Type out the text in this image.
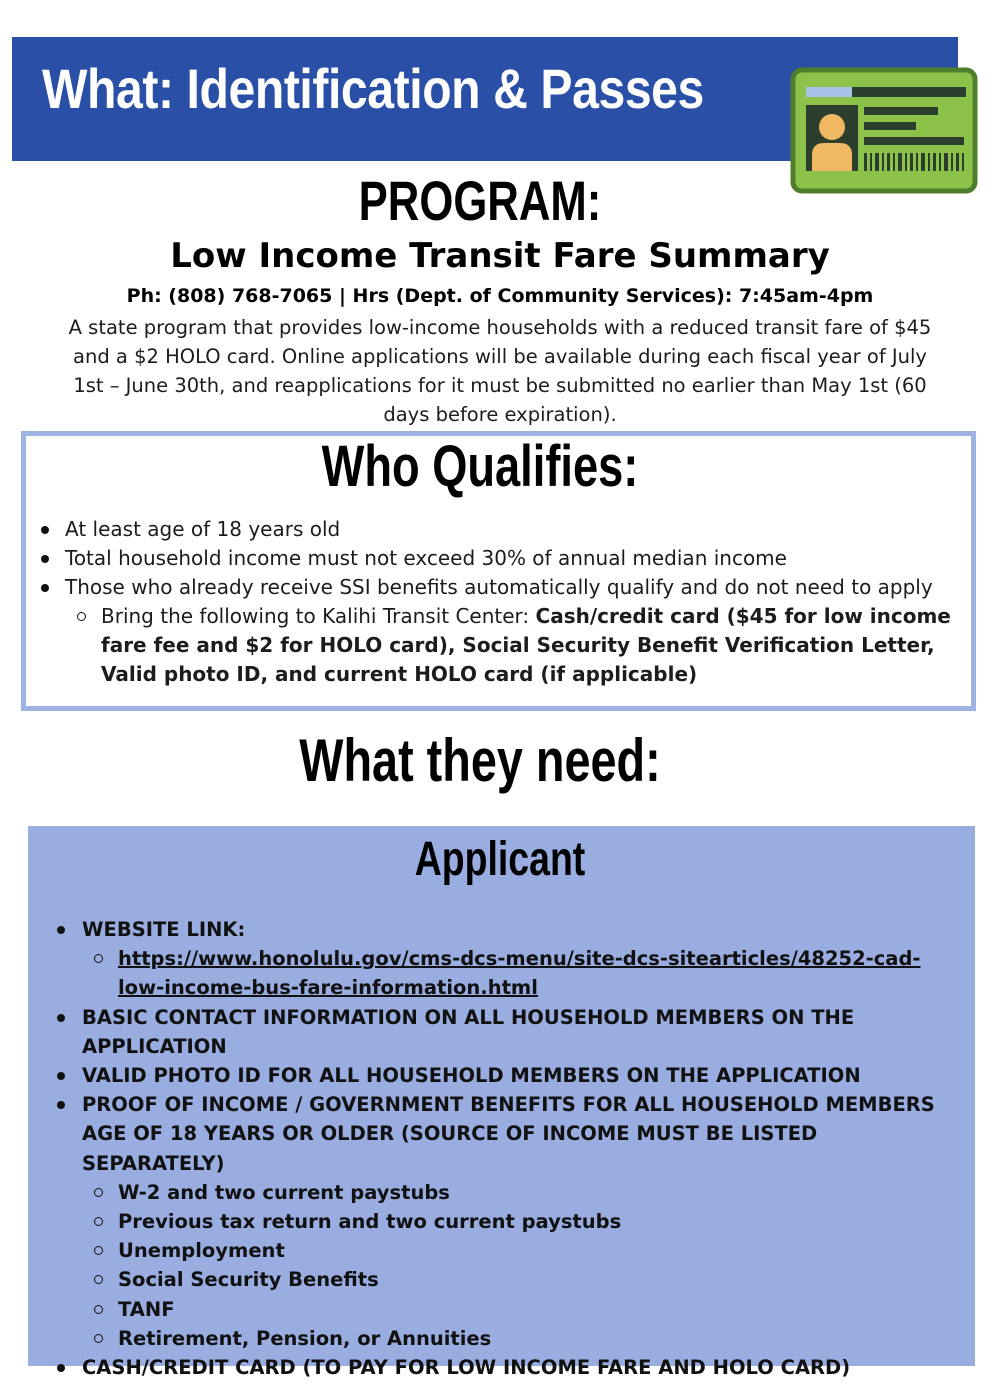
What: Identification & Passes
PROGRAM:
Low Income Transit Fare Summary
Ph: (808) 768-7065 | Hrs (Dept. of Community Services): 7:45am-4pm

A state program that provides low-income households with a reduced transit fare of $45 and a $2 HOLO card. Online applications will be available during each fiscal year of July 1st – June 30th, and reapplications for it must be submitted no earlier than May 1st (60 days before expiration).

Who Qualifies:
At least age of 18 years old
Total household income must not exceed 30% of annual median income
Those who already receive SSI benefits automatically qualify and do not need to apply
Bring the following to Kalihi Transit Center: Cash/credit card ($45 for low income fare fee and $2 for HOLO card), Social Security Benefit Verification Letter, Valid photo ID, and current HOLO card (if applicable)
What they need:
Applicant
WEBSITE LINK:
https://www.honolulu.gov/cms-dcs-menu/site-dcs-sitearticles/48252-cad-low-income-bus-fare-information.html
BASIC CONTACT INFORMATION ON ALL HOUSEHOLD MEMBERS ON THE APPLICATION
VALID PHOTO ID FOR ALL HOUSEHOLD MEMBERS ON THE APPLICATION
PROOF OF INCOME / GOVERNMENT BENEFITS FOR ALL HOUSEHOLD MEMBERS AGE OF 18 YEARS OR OLDER (SOURCE OF INCOME MUST BE LISTED SEPARATELY)
W-2 and two current paystubs
Previous tax return and two current paystubs
Unemployment
Social Security Benefits
TANF
Retirement, Pension, or Annuities
CASH/CREDIT CARD (TO PAY FOR LOW INCOME FARE AND HOLO CARD)
